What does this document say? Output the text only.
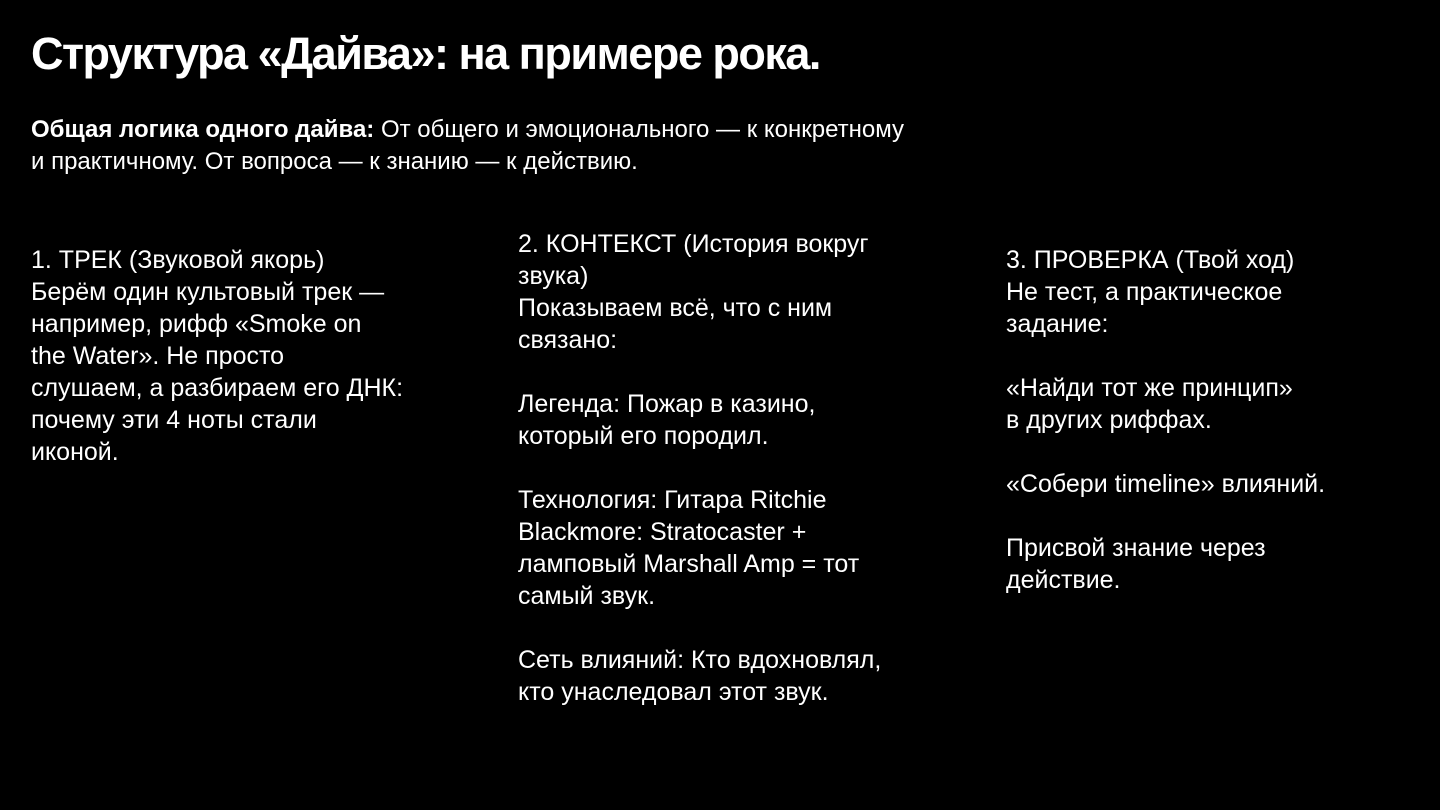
Структура «Дайва»: на примере рока.
Общая логика одного дайва: От общего и эмоционального — к конкретному
и практичному. От вопроса — к знанию — к действию.

1. ТРЕК (Звуковой якорь)

Берём один культовый трек —

например, рифф «Smoke on

the Water». Не просто

слушаем, а разбираем его ДНК:

почему эти 4 ноты стали

иконой.

2. КОНТЕКСТ (История вокруг

звука)

Показываем всё, что с ним

связано:

Легенда: Пожар в казино,

который его породил.

Технология: Гитара Ritchie

Blackmore: Stratocaster +

ламповый Marshall Amp = тот

самый звук.

Сеть влияний: Кто вдохновлял,

кто унаследовал этот звук.

3. ПРОВЕРКА (Твой ход)

Не тест, а практическое

задание:

«Найди тот же принцип»

в других риффах.

«Собери timeline» влияний.

Присвой знание через

действие.
